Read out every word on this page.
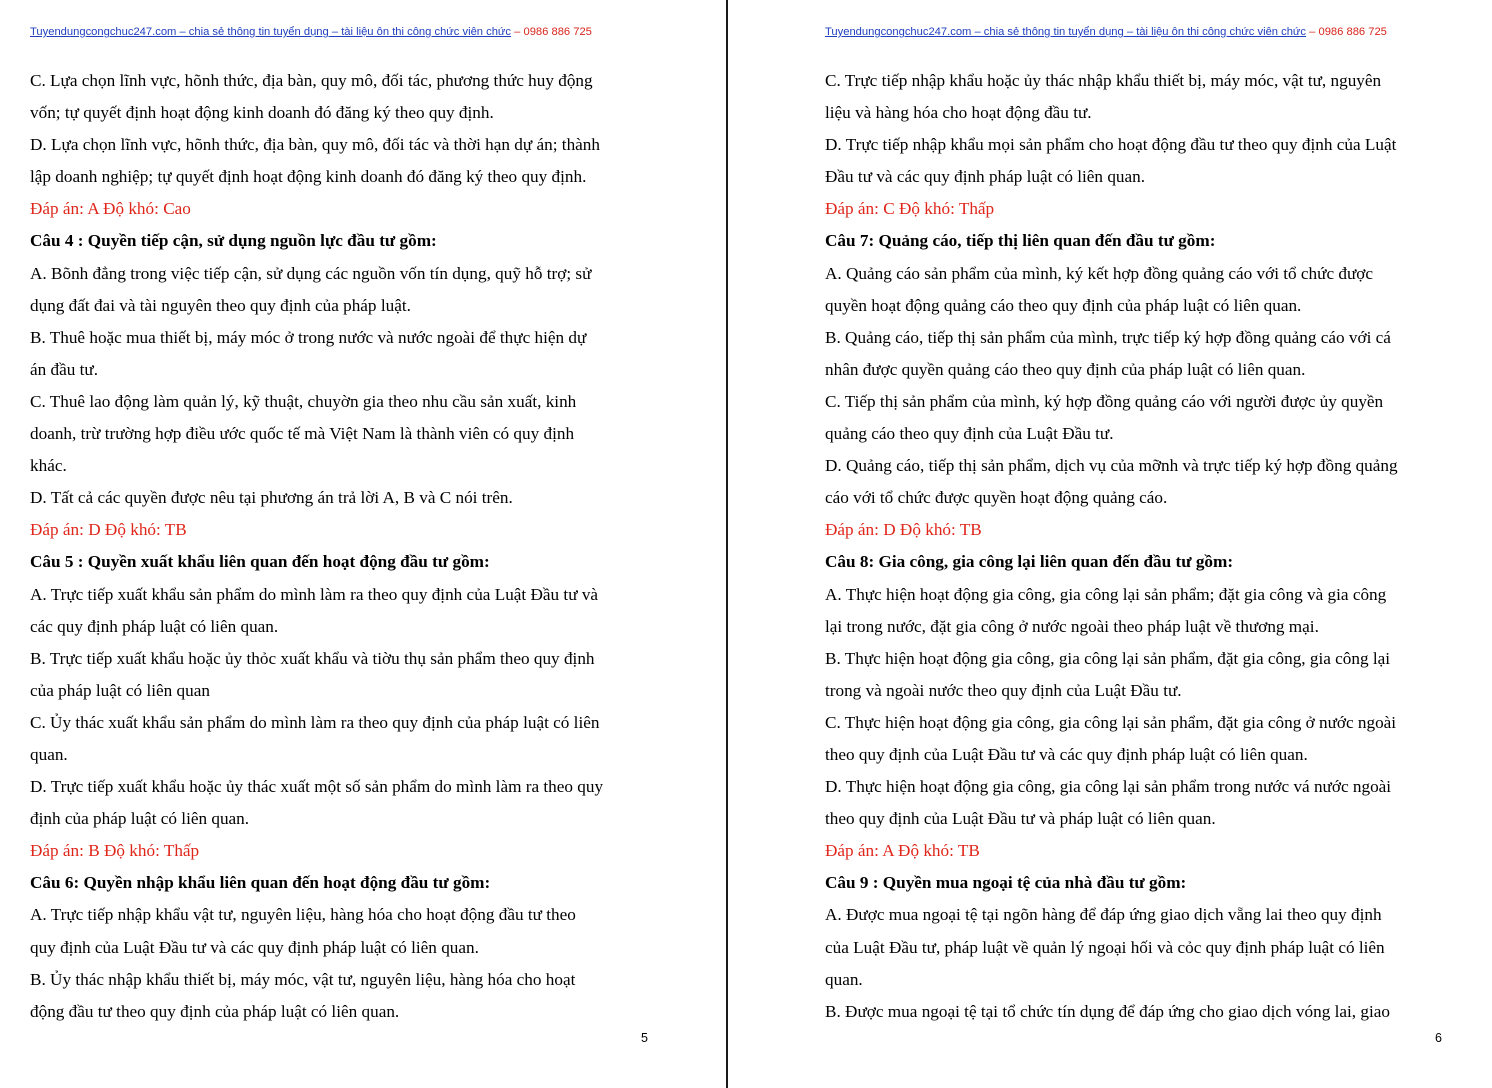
Tuyendungcongchuc247.com – chia sẻ thông tin tuyển dụng – tài liệu ôn thi công chức viên chức – 0986 886 725
C. Lựa chọn lĩnh vực, hõnh thức, địa bàn, quy mô, đối tác, phương thức huy động
vốn; tự quyết định hoạt động kinh doanh đó đăng ký theo quy định.
D. Lựa chọn lĩnh vực, hõnh thức, địa bàn, quy mô, đối tác và thời hạn dự án; thành
lập doanh nghiệp; tự quyết định hoạt động kinh doanh đó đăng ký theo quy định.
Đáp án: A Độ khó: Cao
Câu 4 : Quyền tiếp cận, sử dụng nguồn lực đầu tư gồm:
A. Bõnh đẳng trong việc tiếp cận, sử dụng các nguồn vốn tín dụng, quỹ hỗ trợ; sử
dụng đất đai và tài nguyên theo quy định của pháp luật.
B. Thuê hoặc mua thiết bị, máy móc ở trong nước và nước ngoài để thực hiện dự
án đầu tư.
C. Thuê lao động làm quản lý, kỹ thuật, chuyờn gia theo nhu cầu sản xuất, kinh
doanh, trừ trường hợp điều ước quốc tế mà Việt Nam là thành viên có quy định
khác.
D. Tất cả các quyền được nêu tại phương án trả lời A, B và C nói trên.
Đáp án: D Độ khó: TB
Câu 5 : Quyền xuất khẩu liên quan đến hoạt động đầu tư gồm:
A. Trực tiếp xuất khẩu sản phẩm do mình làm ra theo quy định của Luật Đầu tư và
các quy định pháp luật có liên quan.
B. Trực tiếp xuất khẩu hoặc ủy thỏc xuất khẩu và tiờu thụ sản phẩm theo quy định
của pháp luật có liên quan
C. Ủy thác xuất khẩu sản phẩm do mình làm ra theo quy định của pháp luật có liên
quan.
D. Trực tiếp xuất khẩu hoặc ủy thác xuất một số sản phẩm do mình làm ra theo quy
định của pháp luật có liên quan.
Đáp án: B Độ khó: Thấp
Câu 6: Quyền nhập khẩu liên quan đến hoạt động đầu tư gồm:
A. Trực tiếp nhập khẩu vật tư, nguyên liệu, hàng hóa cho hoạt động đầu tư theo
quy định của Luật Đầu tư và các quy định pháp luật có liên quan.
B. Ủy thác nhập khẩu thiết bị, máy móc, vật tư, nguyên liệu, hàng hóa cho hoạt
động đầu tư theo quy định của pháp luật có liên quan.
5
Tuyendungcongchuc247.com – chia sẻ thông tin tuyển dụng – tài liệu ôn thi công chức viên chức – 0986 886 725
C. Trực tiếp nhập khẩu hoặc ủy thác nhập khẩu thiết bị, máy móc, vật tư, nguyên
liệu và hàng hóa cho hoạt động đầu tư.
D. Trực tiếp nhập khẩu mọi sản phẩm cho hoạt động đầu tư theo quy định của Luật
Đầu tư và các quy định pháp luật có liên quan.
Đáp án: C Độ khó: Thấp
Câu 7: Quảng cáo, tiếp thị liên quan đến đầu tư gồm:
A. Quảng cáo sản phẩm của mình, ký kết hợp đồng quảng cáo với tổ chức được
quyền hoạt động quảng cáo theo quy định của pháp luật có liên quan.
B. Quảng cáo, tiếp thị sản phẩm của mình, trực tiếp ký hợp đồng quảng cáo với cá
nhân được quyền quảng cáo theo quy định của pháp luật có liên quan.
C. Tiếp thị sản phẩm của mình, ký hợp đồng quảng cáo với người được ủy quyền
quảng cáo theo quy định của Luật Đầu tư.
D. Quảng cáo, tiếp thị sản phẩm, dịch vụ của mỡnh và trực tiếp ký hợp đồng quảng
cáo với tổ chức được quyền hoạt động quảng cáo.
Đáp án: D Độ khó: TB
Câu 8: Gia công, gia công lại liên quan đến đầu tư gồm:
A. Thực hiện hoạt động gia công, gia công lại sản phẩm; đặt gia công và gia công
lại trong nước, đặt gia công ở nước ngoài theo pháp luật về thương mại.
B. Thực hiện hoạt động gia công, gia công lại sản phẩm, đặt gia công, gia công lại
trong và ngoài nước theo quy định của Luật Đầu tư.
C. Thực hiện hoạt động gia công, gia công lại sản phẩm, đặt gia công ở nước ngoài
theo quy định của Luật Đầu tư và các quy định pháp luật có liên quan.
D. Thực hiện hoạt động gia công, gia công lại sản phẩm trong nước vá nước ngoài
theo quy định của Luật Đầu tư và pháp luật có liên quan.
Đáp án: A Độ khó: TB
Câu 9 : Quyền mua ngoại tệ của nhà đầu tư gồm:
A. Được mua ngoại tệ tại ngõn hàng để đáp ứng giao dịch vẵng lai theo quy định
của Luật Đầu tư, pháp luật về quản lý ngoại hối và cỏc quy định pháp luật có liên
quan.
B. Được mua ngoại tệ tại tổ chức tín dụng để đáp ứng cho giao dịch vóng lai, giao
6
